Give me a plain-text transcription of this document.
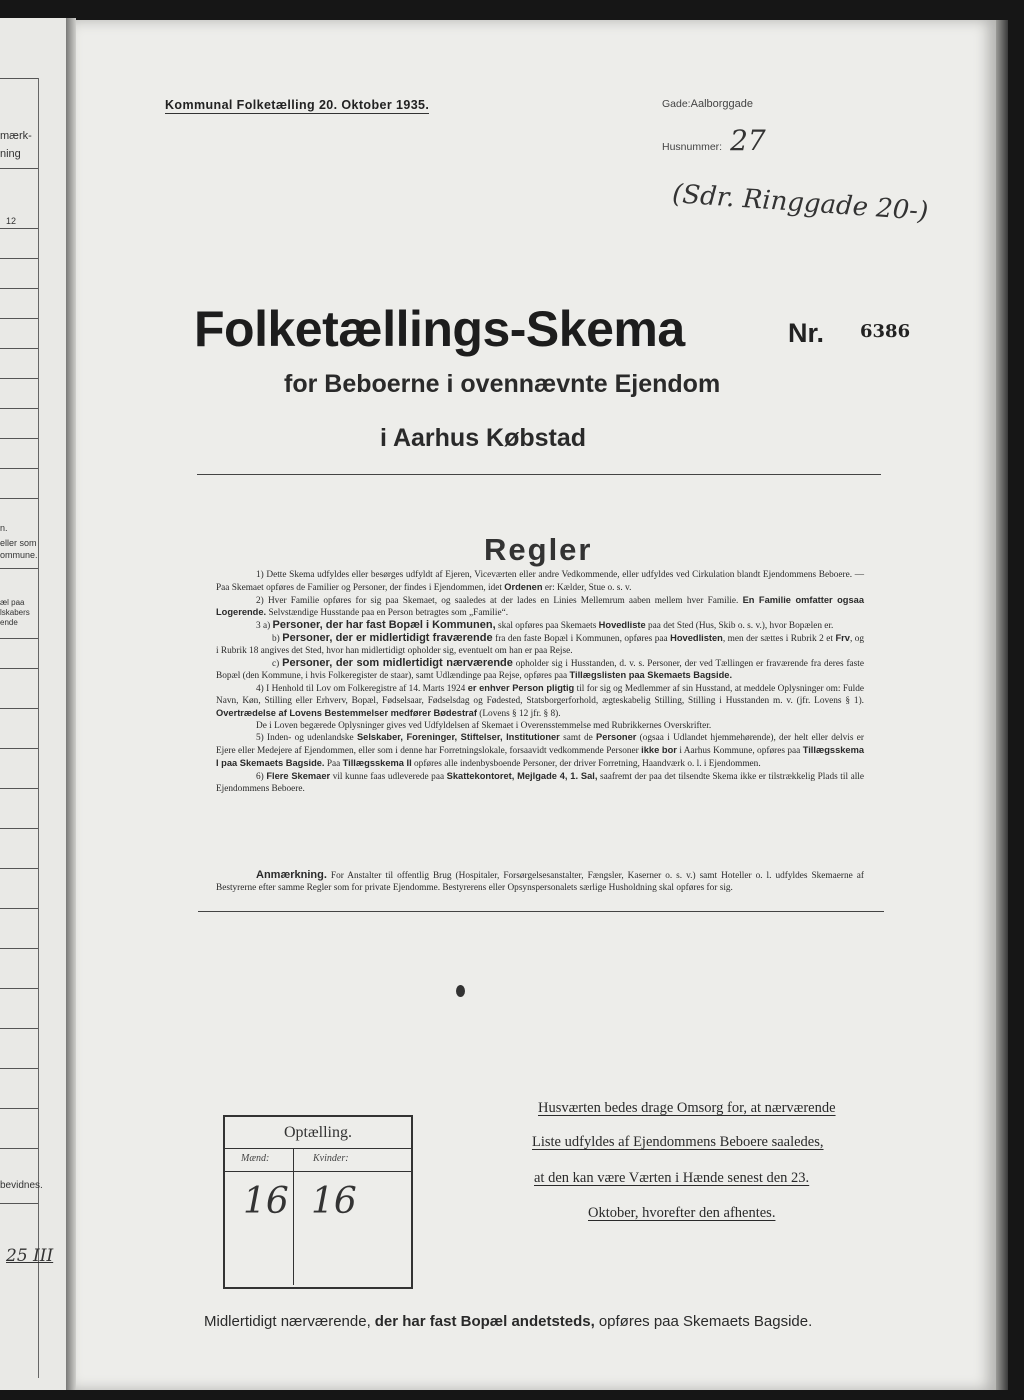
mærk-
ning
12
n.
eller som
ommune.
æl paa
lskabers
ende
bevidnes.
25 III
Kommunal Folketælling 20. Oktober 1935.	Gade:Aalborggade
Husnummer: 27
(Sdr. Ringgade 20-)
Folketællings-Skema	Nr. 6386
for Beboerne i ovennævnte Ejendom
i Aarhus Købstad
Regler

1) Dette Skema udfyldes eller besørges udfyldt af Ejeren, Viceværten eller andre Vedkommende, eller udfyldes ved Cirkulation blandt Ejendommens Beboere. — Paa Skemaet opføres de Familier og Personer, der findes i Ejendommen, idet Ordenen er: Kælder, Stue o. s. v.

2) Hver Familie opføres for sig paa Skemaet, og saaledes at der lades en Linies Mellemrum aaben mellem hver Familie. En Familie omfatter ogsaa Logerende. Selvstændige Husstande paa en Person betragtes som „Familie“.

3 a) Personer, der har fast Bopæl i Kommunen, skal opføres paa Skemaets Hovedliste paa det Sted (Hus, Skib o. s. v.), hvor Bopælen er.

b) Personer, der er midlertidigt fraværende fra den faste Bopæl i Kommunen, opføres paa Hovedlisten, men der sættes i Rubrik 2 et Frv, og i Rubrik 18 angives det Sted, hvor han midlertidigt opholder sig, eventuelt om han er paa Rejse.

c) Personer, der som midlertidigt nærværende opholder sig i Husstanden, d. v. s. Personer, der ved Tællingen er fraværende fra deres faste Bopæl (den Kommune, i hvis Folkeregister de staar), samt Udlændinge paa Rejse, opføres paa Tillægslisten paa Skemaets Bagside.

4) I Henhold til Lov om Folkeregistre af 14. Marts 1924 er enhver Person pligtig til for sig og Medlemmer af sin Husstand, at meddele Oplysninger om: Fulde Navn, Køn, Stilling eller Erhverv, Bopæl, Fødselsaar, Fødselsdag og Fødested, Statsborgerforhold, ægteskabelig Stilling, Stilling i Husstanden m. v. (jfr. Lovens § 1). Overtrædelse af Lovens Bestemmelser medfører Bødestraf (Lovens § 12 jfr. § 8).

De i Loven begærede Oplysninger gives ved Udfyldelsen af Skemaet i Overensstemmelse med Rubrikkernes Overskrifter.

5) Inden- og udenlandske Selskaber, Foreninger, Stiftelser, Institutioner samt de Personer (ogsaa i Udlandet hjemmehørende), der helt eller delvis er Ejere eller Medejere af Ejendommen, eller som i denne har Forretningslokale, forsaavidt vedkommende Personer ikke bor i Aarhus Kommune, opføres paa Tillægsskema I paa Skemaets Bagside. Paa Tillægsskema II opføres alle indenbysboende Personer, der driver Forretning, Haandværk o. l. i Ejendommen.

6) Flere Skemaer vil kunne faas udleverede paa Skattekontoret, Mejlgade 4, 1. Sal, saafremt der paa det tilsendte Skema ikke er tilstrækkelig Plads til alle Ejendommens Beboere.

Anmærkning. For Anstalter til offentlig Brug (Hospitaler, Forsørgelsesanstalter, Fængsler, Kaserner o. s. v.) samt Hoteller o. l. udfyldes Skemaerne af Bestyrerne efter samme Regler som for private Ejendomme. Bestyrerens eller Opsynspersonalets særlige Husholdning skal opføres for sig.

Optælling.
Mænd:	Kvinder:
16 16
Husværten bedes drage Omsorg for, at nærværende
Liste udfyldes af Ejendommens Beboere saaledes,
at den kan være Værten i Hænde senest den 23.
Oktober, hvorefter den afhentes.
Midlertidigt nærværende, der har fast Bopæl andetsteds, opføres paa Skemaets Bagside.
